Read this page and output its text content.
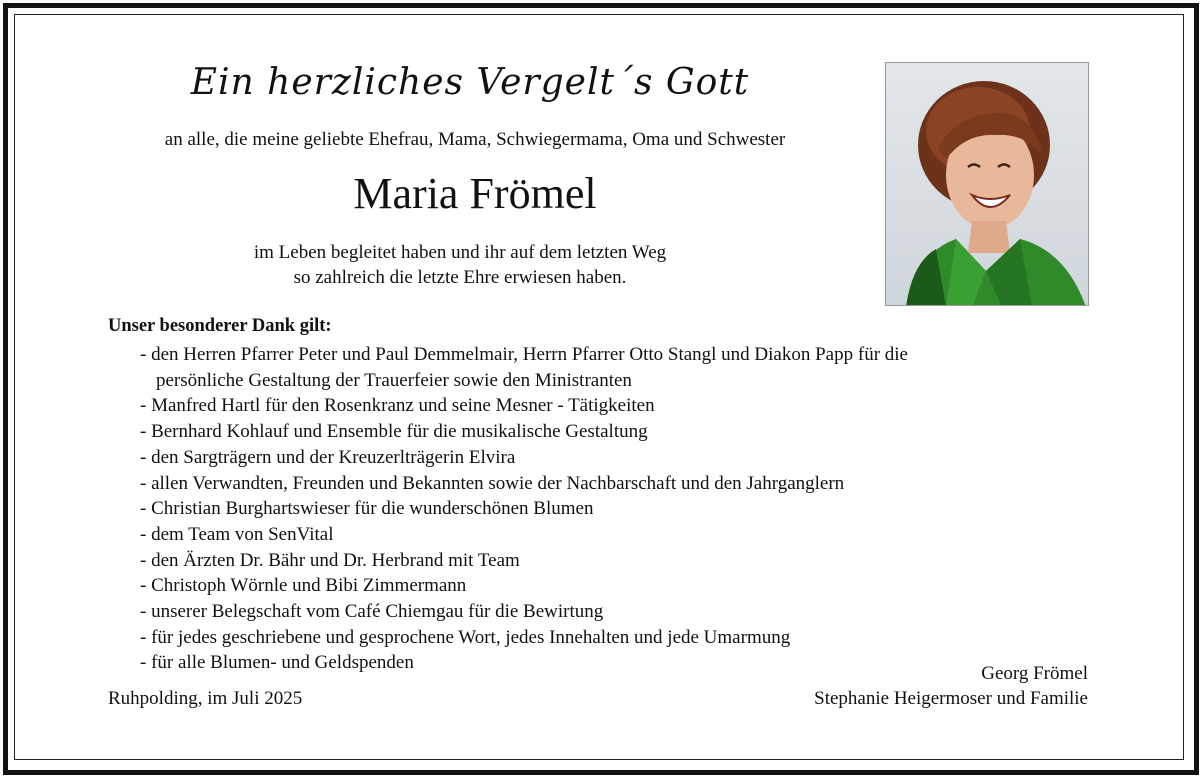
Ein herzliches Vergelt´s Gott
an alle, die meine geliebte Ehefrau, Mama, Schwiegermama, Oma und Schwester
Maria Frömel
im Leben begleitet haben und ihr auf dem letzten Weg
so zahlreich die letzte Ehre erwiesen haben.
Unser besonderer Dank gilt:
- den Herren Pfarrer Peter und Paul Demmelmair, Herrn Pfarrer Otto Stangl und Diakon Papp für die
persönliche Gestaltung der Trauerfeier sowie den Ministranten
- Manfred Hartl für den Rosenkranz und seine Mesner - Tätigkeiten
- Bernhard Kohlauf und Ensemble für die musikalische Gestaltung
- den Sargträgern und der Kreuzerlträgerin Elvira
- allen Verwandten, Freunden und Bekannten sowie der Nachbarschaft und den Jahrganglern
- Christian Burghartswieser für die wunderschönen Blumen
- dem Team von SenVital
- den Ärzten Dr. Bähr und Dr. Herbrand mit Team
- Christoph Wörnle und Bibi Zimmermann
- unserer Belegschaft vom Café Chiemgau für die Bewirtung
- für jedes geschriebene und gesprochene Wort, jedes Innehalten und jede Umarmung
- für alle Blumen- und Geldspenden
Georg Frömel
Ruhpolding, im Juli 2025	Stephanie Heigermoser und Familie
